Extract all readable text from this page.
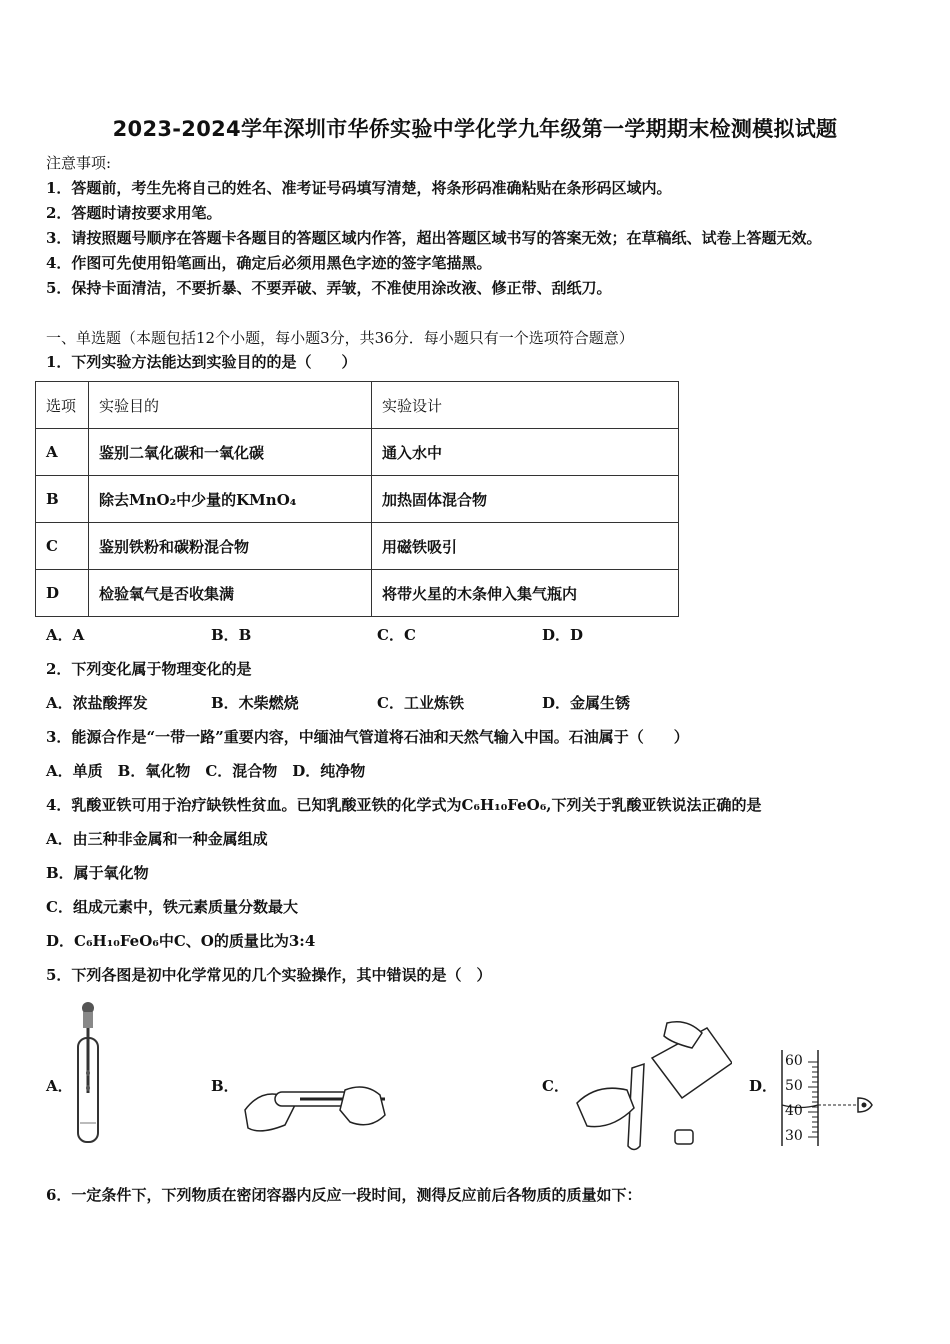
2023-2024学年深圳市华侨实验中学化学九年级第一学期期末检测模拟试题
注意事项:
1．答题前，考生先将自己的姓名、准考证号码填写清楚，将条形码准确粘贴在条形码区域内。
2．答题时请按要求用笔。
3．请按照题号顺序在答题卡各题目的答题区域内作答，超出答题区域书写的答案无效；在草稿纸、试卷上答题无效。
4．作图可先使用铅笔画出，确定后必须用黑色字迹的签字笔描黑。
5．保持卡面清洁，不要折暴、不要弄破、弄皱，不准使用涂改液、修正带、刮纸刀。
一、单选题（本题包括12个小题，每小题3分，共36分．每小题只有一个选项符合题意）
1．下列实验方法能达到实验目的的是（　　）
选项	实验目的	实验设计
A	鉴别二氧化碳和一氧化碳	通入水中
B	除去MnO₂中少量的KMnO₄	加热固体混合物
C	鉴别铁粉和碳粉混合物	用磁铁吸引
D	检验氧气是否收集满	将带火星的木条伸入集气瓶内
A．A	B．B	C．C	D．D
2．下列变化属于物理变化的是
A．浓盐酸挥发	B．木柴燃烧	C．工业炼铁	D．金属生锈
3．能源合作是“一带一路”重要内容，中缅油气管道将石油和天然气输入中国。石油属于（　　）
A．单质　B．氧化物　C．混合物　D．纯净物
4．乳酸亚铁可用于治疗缺铁性贫血。已知乳酸亚铁的化学式为C₆H₁₀FeO₆,下列关于乳酸亚铁说法正确的是
A．由三种非金属和一种金属组成
B．属于氧化物
C．组成元素中，铁元素质量分数最大
D．C₆H₁₀FeO₆中C、O的质量比为3:4
5．下列各图是初中化学常见的几个实验操作，其中错误的是（　）
A．	B．	C．	D．
60
50
40
30
6．一定条件下，下列物质在密闭容器内反应一段时间，测得反应前后各物质的质量如下：
